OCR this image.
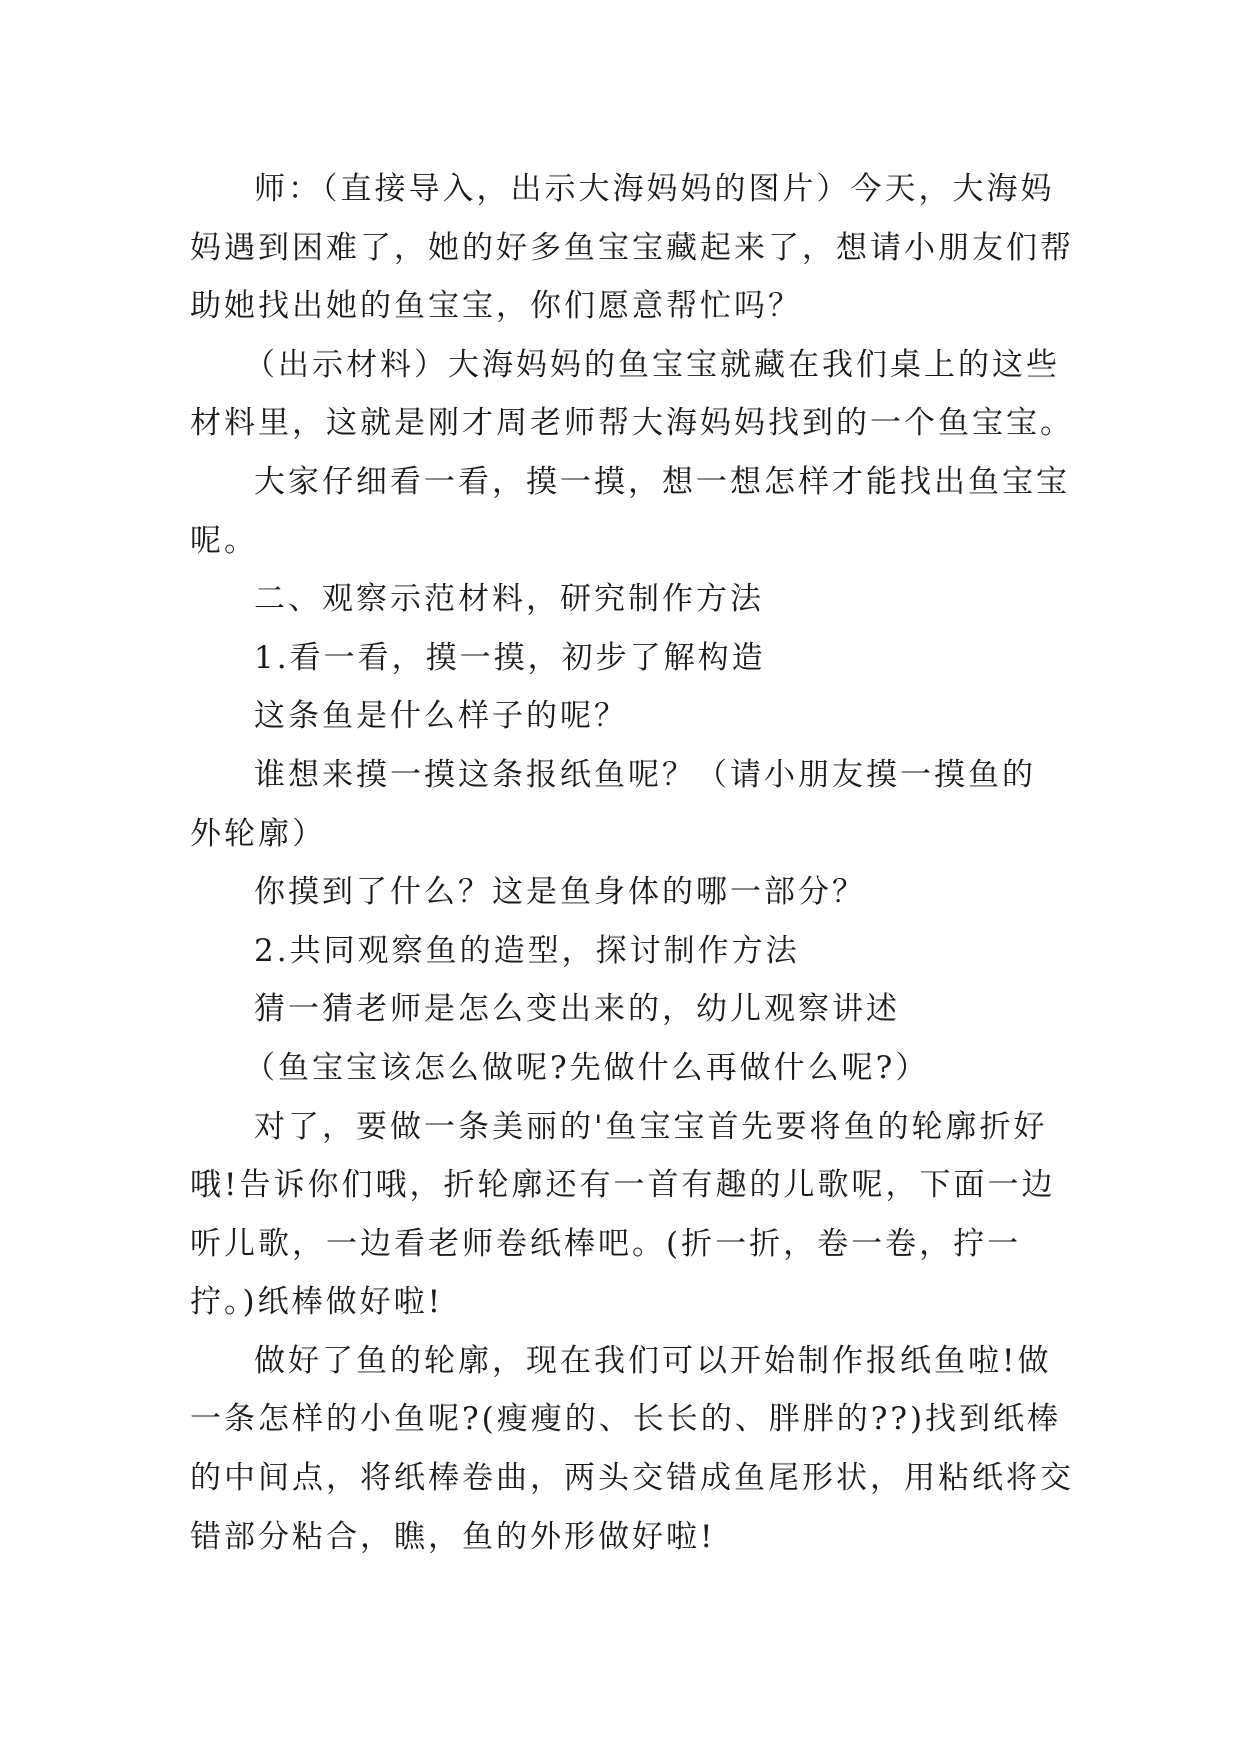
师：（直接导入，出示大海妈妈的图片）今天，大海妈
妈遇到困难了，她的好多鱼宝宝藏起来了，想请小朋友们帮
助她找出她的鱼宝宝，你们愿意帮忙吗？
（出示材料）大海妈妈的鱼宝宝就藏在我们桌上的这些
材料里，这就是刚才周老师帮大海妈妈找到的一个鱼宝宝。
大家仔细看一看，摸一摸，想一想怎样才能找出鱼宝宝
呢。
二、观察示范材料，研究制作方法
1.看一看，摸一摸，初步了解构造
这条鱼是什么样子的呢？
谁想来摸一摸这条报纸鱼呢？（请小朋友摸一摸鱼的
外轮廓）
你摸到了什么？这是鱼身体的哪一部分？
2.共同观察鱼的造型，探讨制作方法
猜一猜老师是怎么变出来的，幼儿观察讲述
（鱼宝宝该怎么做呢?先做什么再做什么呢?）
对了，要做一条美丽的'鱼宝宝首先要将鱼的轮廓折好
哦!告诉你们哦，折轮廓还有一首有趣的儿歌呢，下面一边
听儿歌，一边看老师卷纸棒吧。(折一折，卷一卷，拧一
拧。)纸棒做好啦!
做好了鱼的轮廓，现在我们可以开始制作报纸鱼啦!做
一条怎样的小鱼呢?(瘦瘦的、长长的、胖胖的??)找到纸棒
的中间点，将纸棒卷曲，两头交错成鱼尾形状，用粘纸将交
错部分粘合，瞧，鱼的外形做好啦!
